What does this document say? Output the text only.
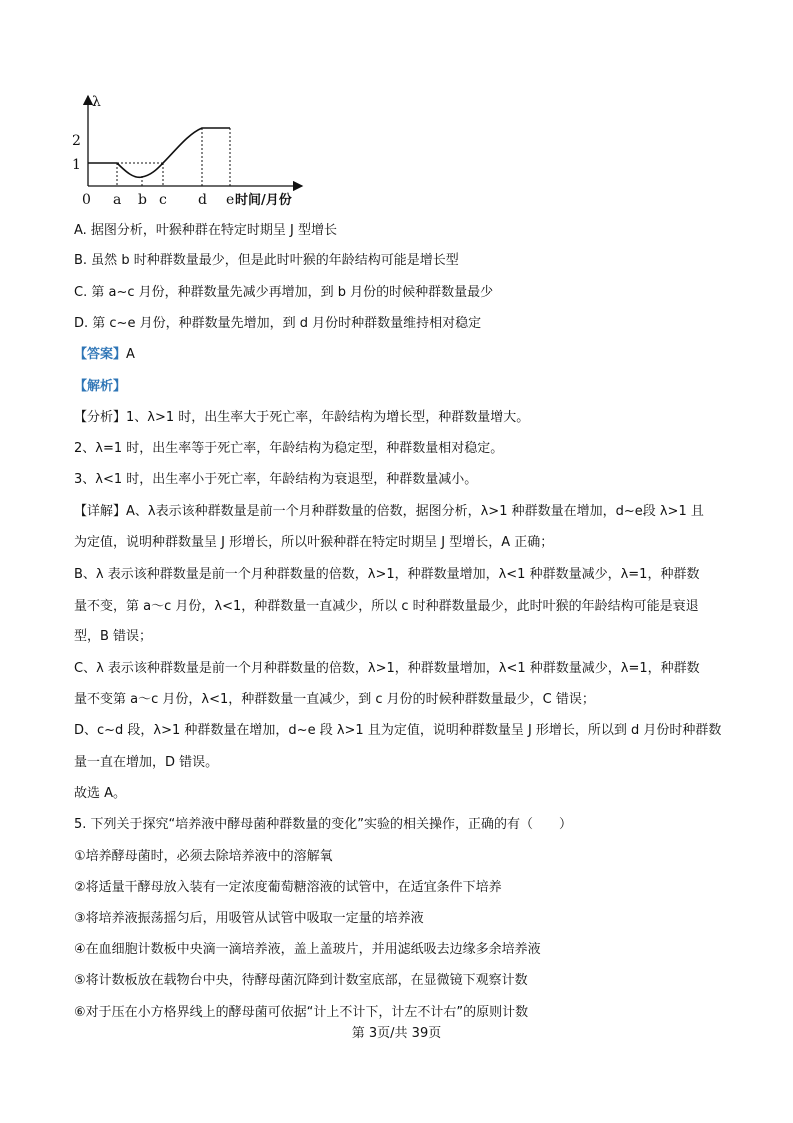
λ
2
1
0 a b c d e 时间/月份
A. 据图分析，叶猴种群在特定时期呈 J 型增长
B. 虽然 b 时种群数量最少，但是此时叶猴的年龄结构可能是增长型
C. 第 a~c 月份，种群数量先减少再增加，到 b 月份的时候种群数量最少
D. 第 c~e 月份，种群数量先增加，到 d 月份时种群数量维持相对稳定
【答案】A
【解析】
【分析】1、λ>1 时，出生率大于死亡率，年龄结构为增长型，种群数量增大。
2、λ=1 时，出生率等于死亡率，年龄结构为稳定型，种群数量相对稳定。
3、λ<1 时，出生率小于死亡率，年龄结构为衰退型，种群数量减小。
【详解】A、λ表示该种群数量是前一个月种群数量的倍数，据图分析，λ>1 种群数量在增加，d~e段 λ>1 且
为定值，说明种群数量呈 J 形增长，所以叶猴种群在特定时期呈 J 型增长，A 正确；
B、λ 表示该种群数量是前一个月种群数量的倍数，λ>1，种群数量增加，λ<1 种群数量减少，λ=1，种群数
量不变，第 a～c 月份，λ<1，种群数量一直减少，所以 c 时种群数量最少，此时叶猴的年龄结构可能是衰退
型，B 错误；
C、λ 表示该种群数量是前一个月种群数量的倍数，λ>1，种群数量增加，λ<1 种群数量减少，λ=1，种群数
量不变第 a～c 月份，λ<1，种群数量一直减少，到 c 月份的时候种群数量最少，C 错误；
D、c~d 段，λ>1 种群数量在增加，d~e 段 λ>1 且为定值，说明种群数量呈 J 形增长，所以到 d 月份时种群数
量一直在增加，D 错误。
故选 A。
5. 下列关于探究“培养液中酵母菌种群数量的变化”实验的相关操作，正确的有（　　）
①培养酵母菌时，必须去除培养液中的溶解氧
②将适量干酵母放入装有一定浓度葡萄糖溶液的试管中，在适宜条件下培养
③将培养液振荡摇匀后，用吸管从试管中吸取一定量的培养液
④在血细胞计数板中央滴一滴培养液，盖上盖玻片，并用滤纸吸去边缘多余培养液
⑤将计数板放在载物台中央，待酵母菌沉降到计数室底部，在显微镜下观察计数
⑥对于压在小方格界线上的酵母菌可依据“计上不计下，计左不计右”的原则计数
第 3页/共 39页
